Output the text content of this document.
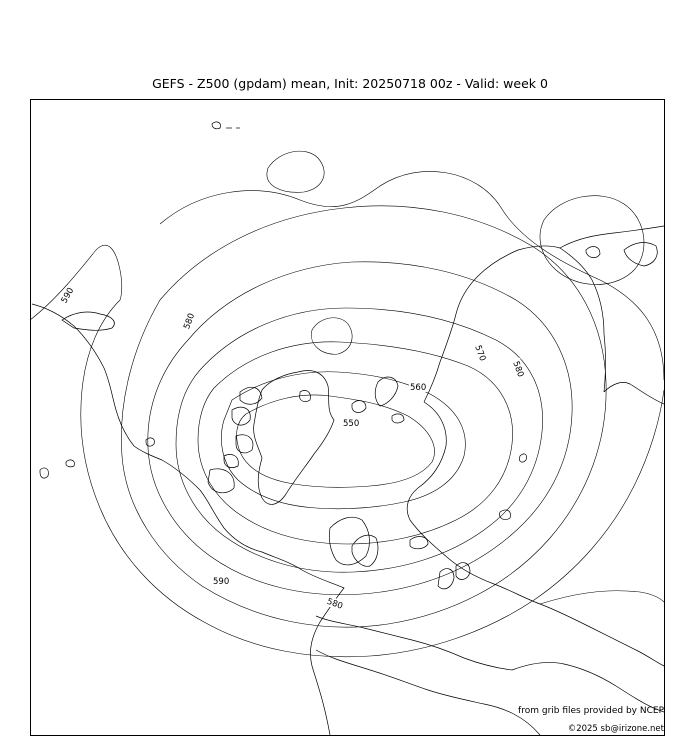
GEFS - Z500 (gpdam) mean, Init: 20250718 00z - Valid: week 0
590
580
570
580
560
550
590
580
from grib files provided by NCEP
©2025 sb@irizone.net
